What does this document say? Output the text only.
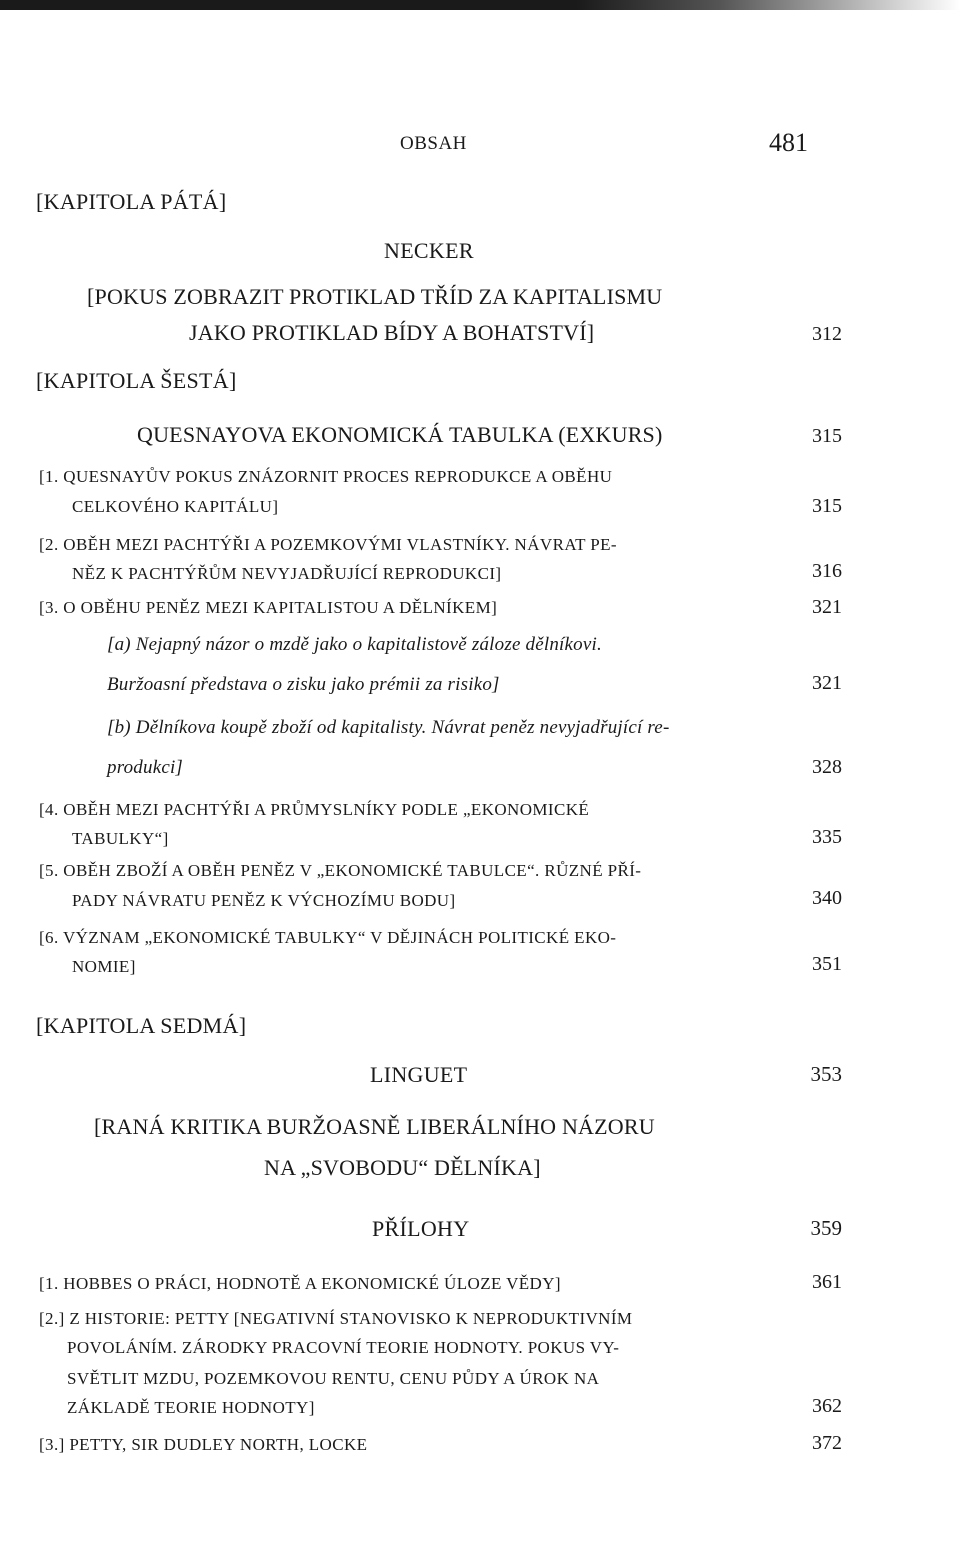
OBSAH	481
[KAPITOLA PÁTÁ]
NECKER
[POKUS ZOBRAZIT PROTIKLAD TŘÍD ZA KAPITALISMU
JAKO PROTIKLAD BÍDY A BOHATSTVÍ]	312
[KAPITOLA ŠESTÁ]
QUESNAYOVA EKONOMICKÁ TABULKA (EXKURS)	315
[1. QUESNAYŮV POKUS ZNÁZORNIT PROCES REPRODUKCE A OBĚHU
CELKOVÉHO KAPITÁLU]	315
[2. OBĚH MEZI PACHTÝŘI A POZEMKOVÝMI VLASTNÍKY. NÁVRAT PE-
NĚZ K PACHTÝŘŮM NEVYJADŘUJÍCÍ REPRODUKCI]	316
[3. O OBĚHU PENĚZ MEZI KAPITALISTOU A DĚLNÍKEM]	321
[a) Nejapný názor o mzdě jako o kapitalistově záloze dělníkovi.
Buržoasní představa o zisku jako prémii za risiko]	321
[b) Dělníkova koupě zboží od kapitalisty. Návrat peněz nevyjadřující re-
produkci]	328
[4. OBĚH MEZI PACHTÝŘI A PRŮMYSLNÍKY PODLE „EKONOMICKÉ
TABULKY“]	335
[5. OBĚH ZBOŽÍ A OBĚH PENĚZ V „EKONOMICKÉ TABULCE“. RŮZNÉ PŘÍ-
PADY NÁVRATU PENĚZ K VÝCHOZÍMU BODU]	340
[6. VÝZNAM „EKONOMICKÉ TABULKY“ V DĚJINÁCH POLITICKÉ EKO-
NOMIE]	351
[KAPITOLA SEDMÁ]
LINGUET	353
[RANÁ KRITIKA BURŽOASNĚ LIBERÁLNÍHO NÁZORU
NA „SVOBODU“ DĚLNÍKA]
PŘÍLOHY	359
[1. HOBBES O PRÁCI, HODNOTĚ A EKONOMICKÉ ÚLOZE VĚDY]	361
[2.] Z HISTORIE: PETTY [NEGATIVNÍ STANOVISKO K NEPRODUKTIVNÍM
POVOLÁNÍM. ZÁRODKY PRACOVNÍ TEORIE HODNOTY. POKUS VY-
SVĚTLIT MZDU, POZEMKOVOU RENTU, CENU PŮDY A ÚROK NA
ZÁKLADĚ TEORIE HODNOTY]	362
[3.] PETTY, SIR DUDLEY NORTH, LOCKE	372
